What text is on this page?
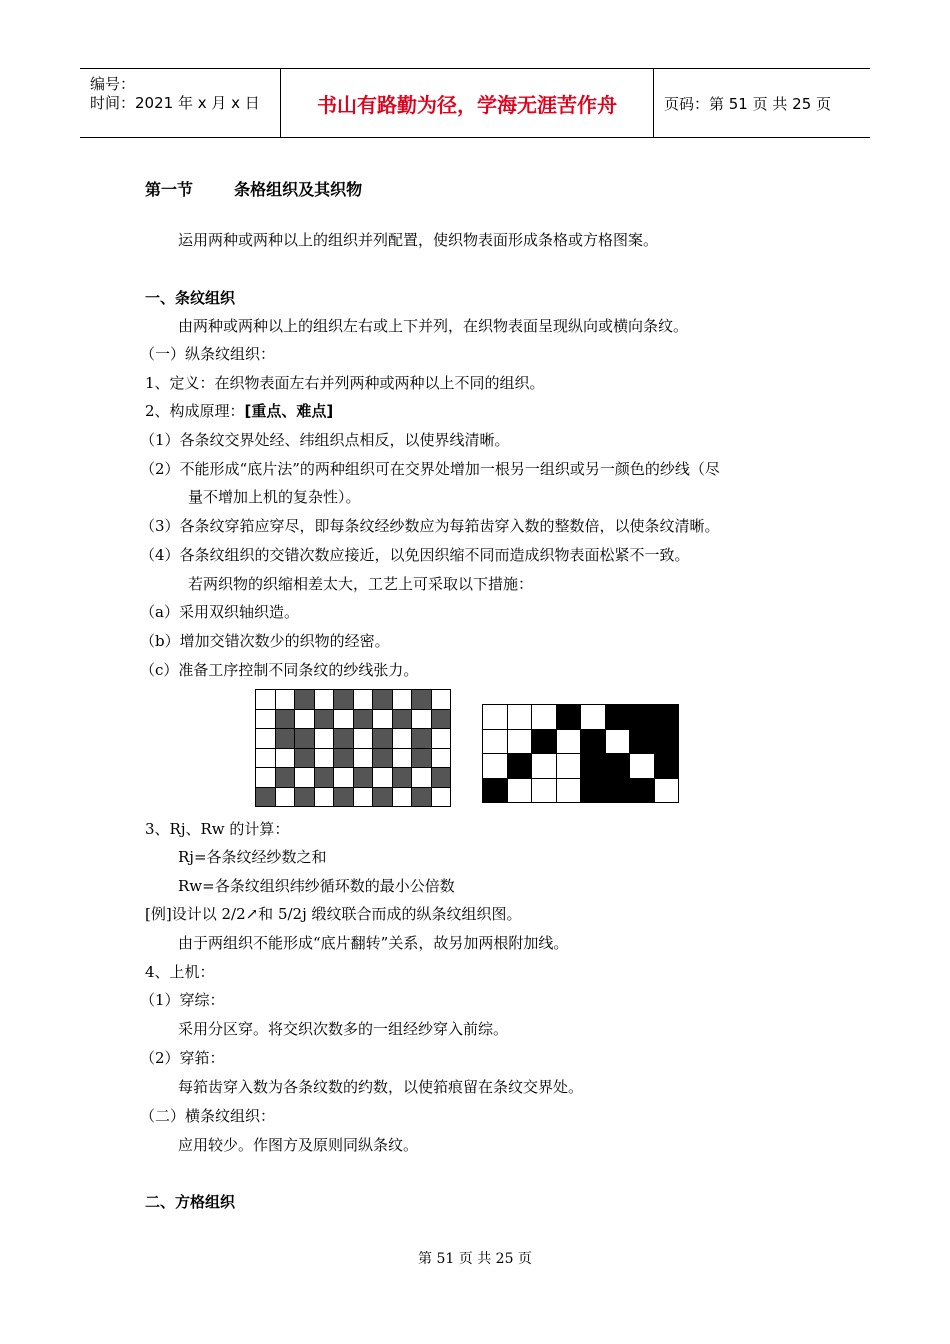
编号：
时间：2021 年 x 月 x 日	书山有路勤为径，学海无涯苦作舟	页码：第 51 页 共 25 页
第一节	条格组织及其织物
运用两种或两种以上的组织并列配置，使织物表面形成条格或方格图案。
一、条纹组织
由两种或两种以上的组织左右或上下并列，在织物表面呈现纵向或横向条纹。
（一）纵条纹组织：
1、定义：在织物表面左右并列两种或两种以上不同的组织。
2、构成原理：[重点、难点]
（1）各条纹交界处经、纬组织点相反，以使界线清晰。
（2）不能形成“底片法”的两种组织可在交界处增加一根另一组织或另一颜色的纱线（尽
量不增加上机的复杂性）。
（3）各条纹穿筘应穿尽，即每条纹经纱数应为每筘齿穿入数的整数倍，以使条纹清晰。
（4）各条纹组织的交错次数应接近，以免因织缩不同而造成织物表面松紧不一致。
若两织物的织缩相差太大，工艺上可采取以下措施：
（a）采用双织轴织造。
（b）增加交错次数少的织物的经密。
（c）准备工序控制不同条纹的纱线张力。

3、Rj、Rw 的计算：
Rj=各条纹经纱数之和
Rw=各条纹组织纬纱循环数的最小公倍数
[例]设计以 2/2↗和 5/2j 缎纹联合而成的纵条纹组织图。
由于两组织不能形成“底片翻转”关系，故另加两根附加线。
4、上机：
（1）穿综：
采用分区穿。将交织次数多的一组经纱穿入前综。
（2）穿筘：
每筘齿穿入数为各条纹数的约数，以使筘痕留在条纹交界处。
（二）横条纹组织：
应用较少。作图方及原则同纵条纹。
二、方格组织
第 51 页 共 25 页
